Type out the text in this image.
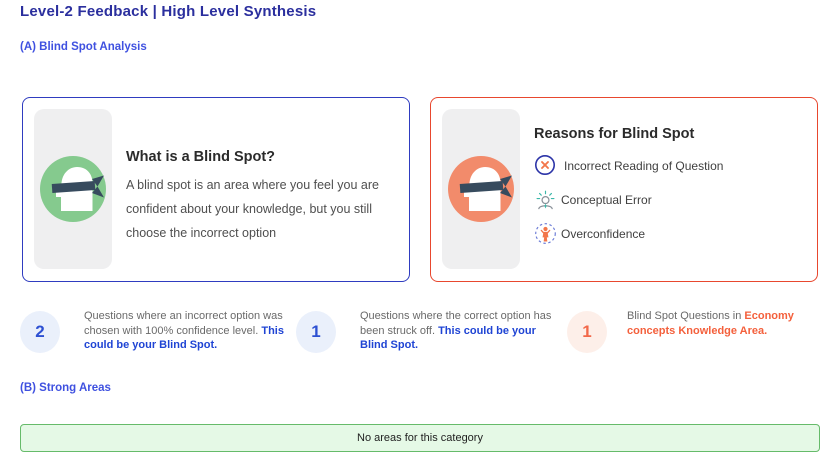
Level-2 Feedback | High Level Synthesis
(A) Blind Spot Analysis
What is a Blind Spot?

A blind spot is an area where you feel you are confident about your knowledge, but you still choose the incorrect option

Reasons for Blind Spot
Incorrect Reading of Question
Conceptual Error
Overconfidence
2
Questions where an incorrect option was chosen with 100% confidence level. This could be your Blind Spot.
1
Questions where the correct option has been struck off. This could be your Blind Spot.
1
Blind Spot Questions in Economy concepts Knowledge Area.
(B) Strong Areas
No areas for this category
